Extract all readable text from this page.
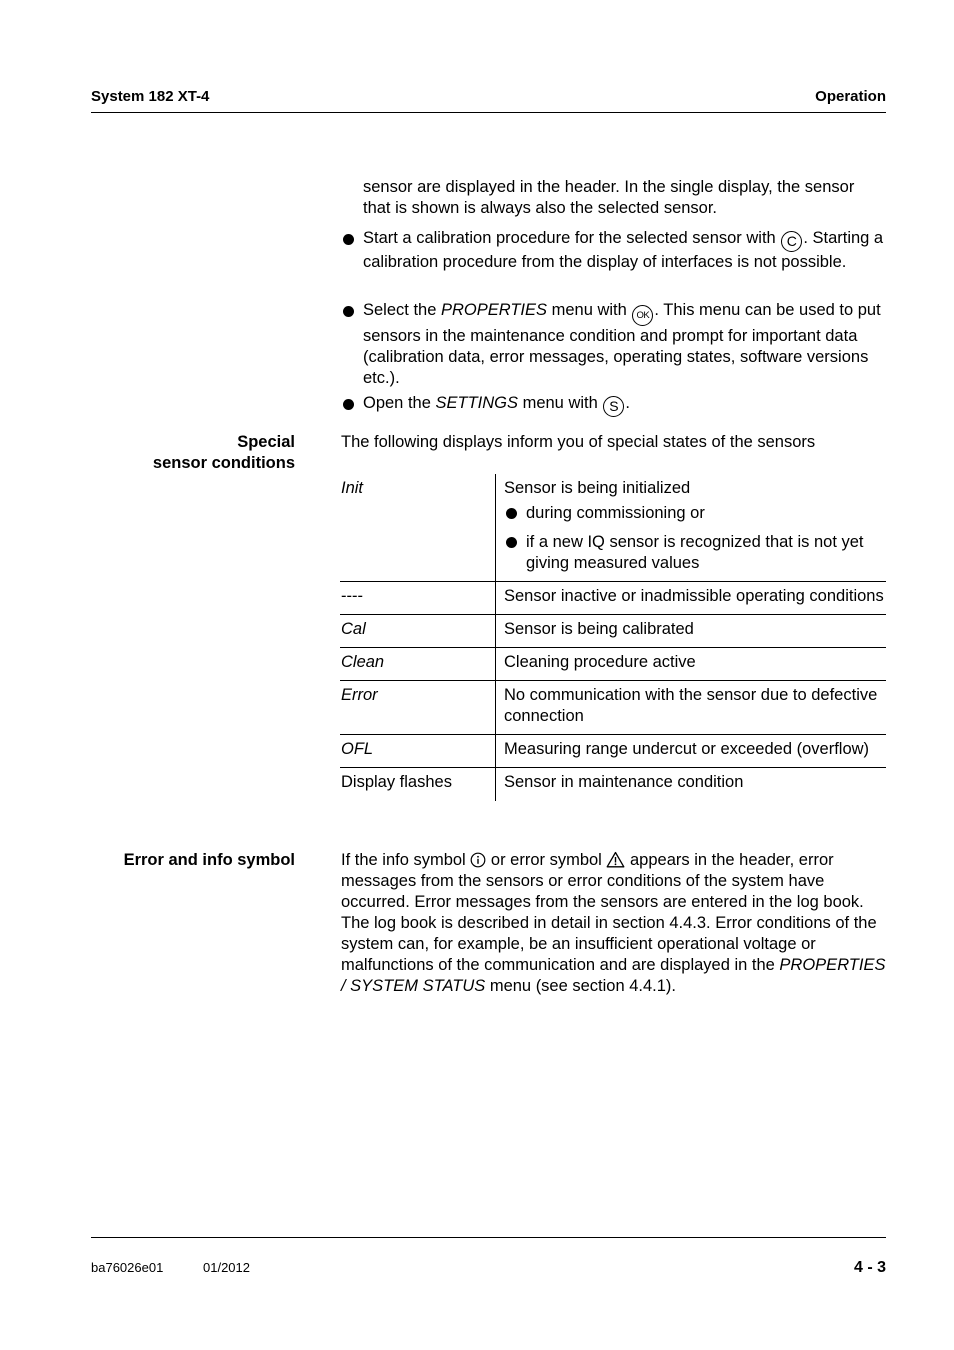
System 182 XT-4	Operation
sensor are displayed in the header. In the single display, the sensor that is shown is always also the selected sensor.
Start a calibration procedure for the selected sensor with C . Starting a calibration procedure from the display of interfaces is not possible.
Select the PROPERTIES menu with OK . This menu can be used to put sensors in the maintenance condition and prompt for important data (calibration data, error messages, operating states, software versions etc.).
Open the SETTINGS menu with S .
Special
sensor conditions
The following displays inform you of special states of the sensors
Init	Sensor is being initialized
during commissioning or
if a new IQ sensor is recognized that is not yet giving measured values

----	Sensor inactive or inadmissible operating conditions
Cal	Sensor is being calibrated
Clean	Cleaning procedure active
Error	No communication with the sensor due to defective connection
OFL	Measuring range undercut or exceeded (overflow)
Display flashes	Sensor in maintenance condition
Error and info symbol	If the info symbol  or error symbol  appears in the header, error messages from the sensors or error conditions of the system have occurred. Error messages from the sensors are entered in the log book. The log book is described in detail in section 4.4.3. Error conditions of the system can, for example, be an insufficient operational voltage or malfunctions of the communication and are displayed in the PROPERTIES / SYSTEM STATUS menu (see section 4.4.1).
ba76026e01	01/2012	4 - 3
